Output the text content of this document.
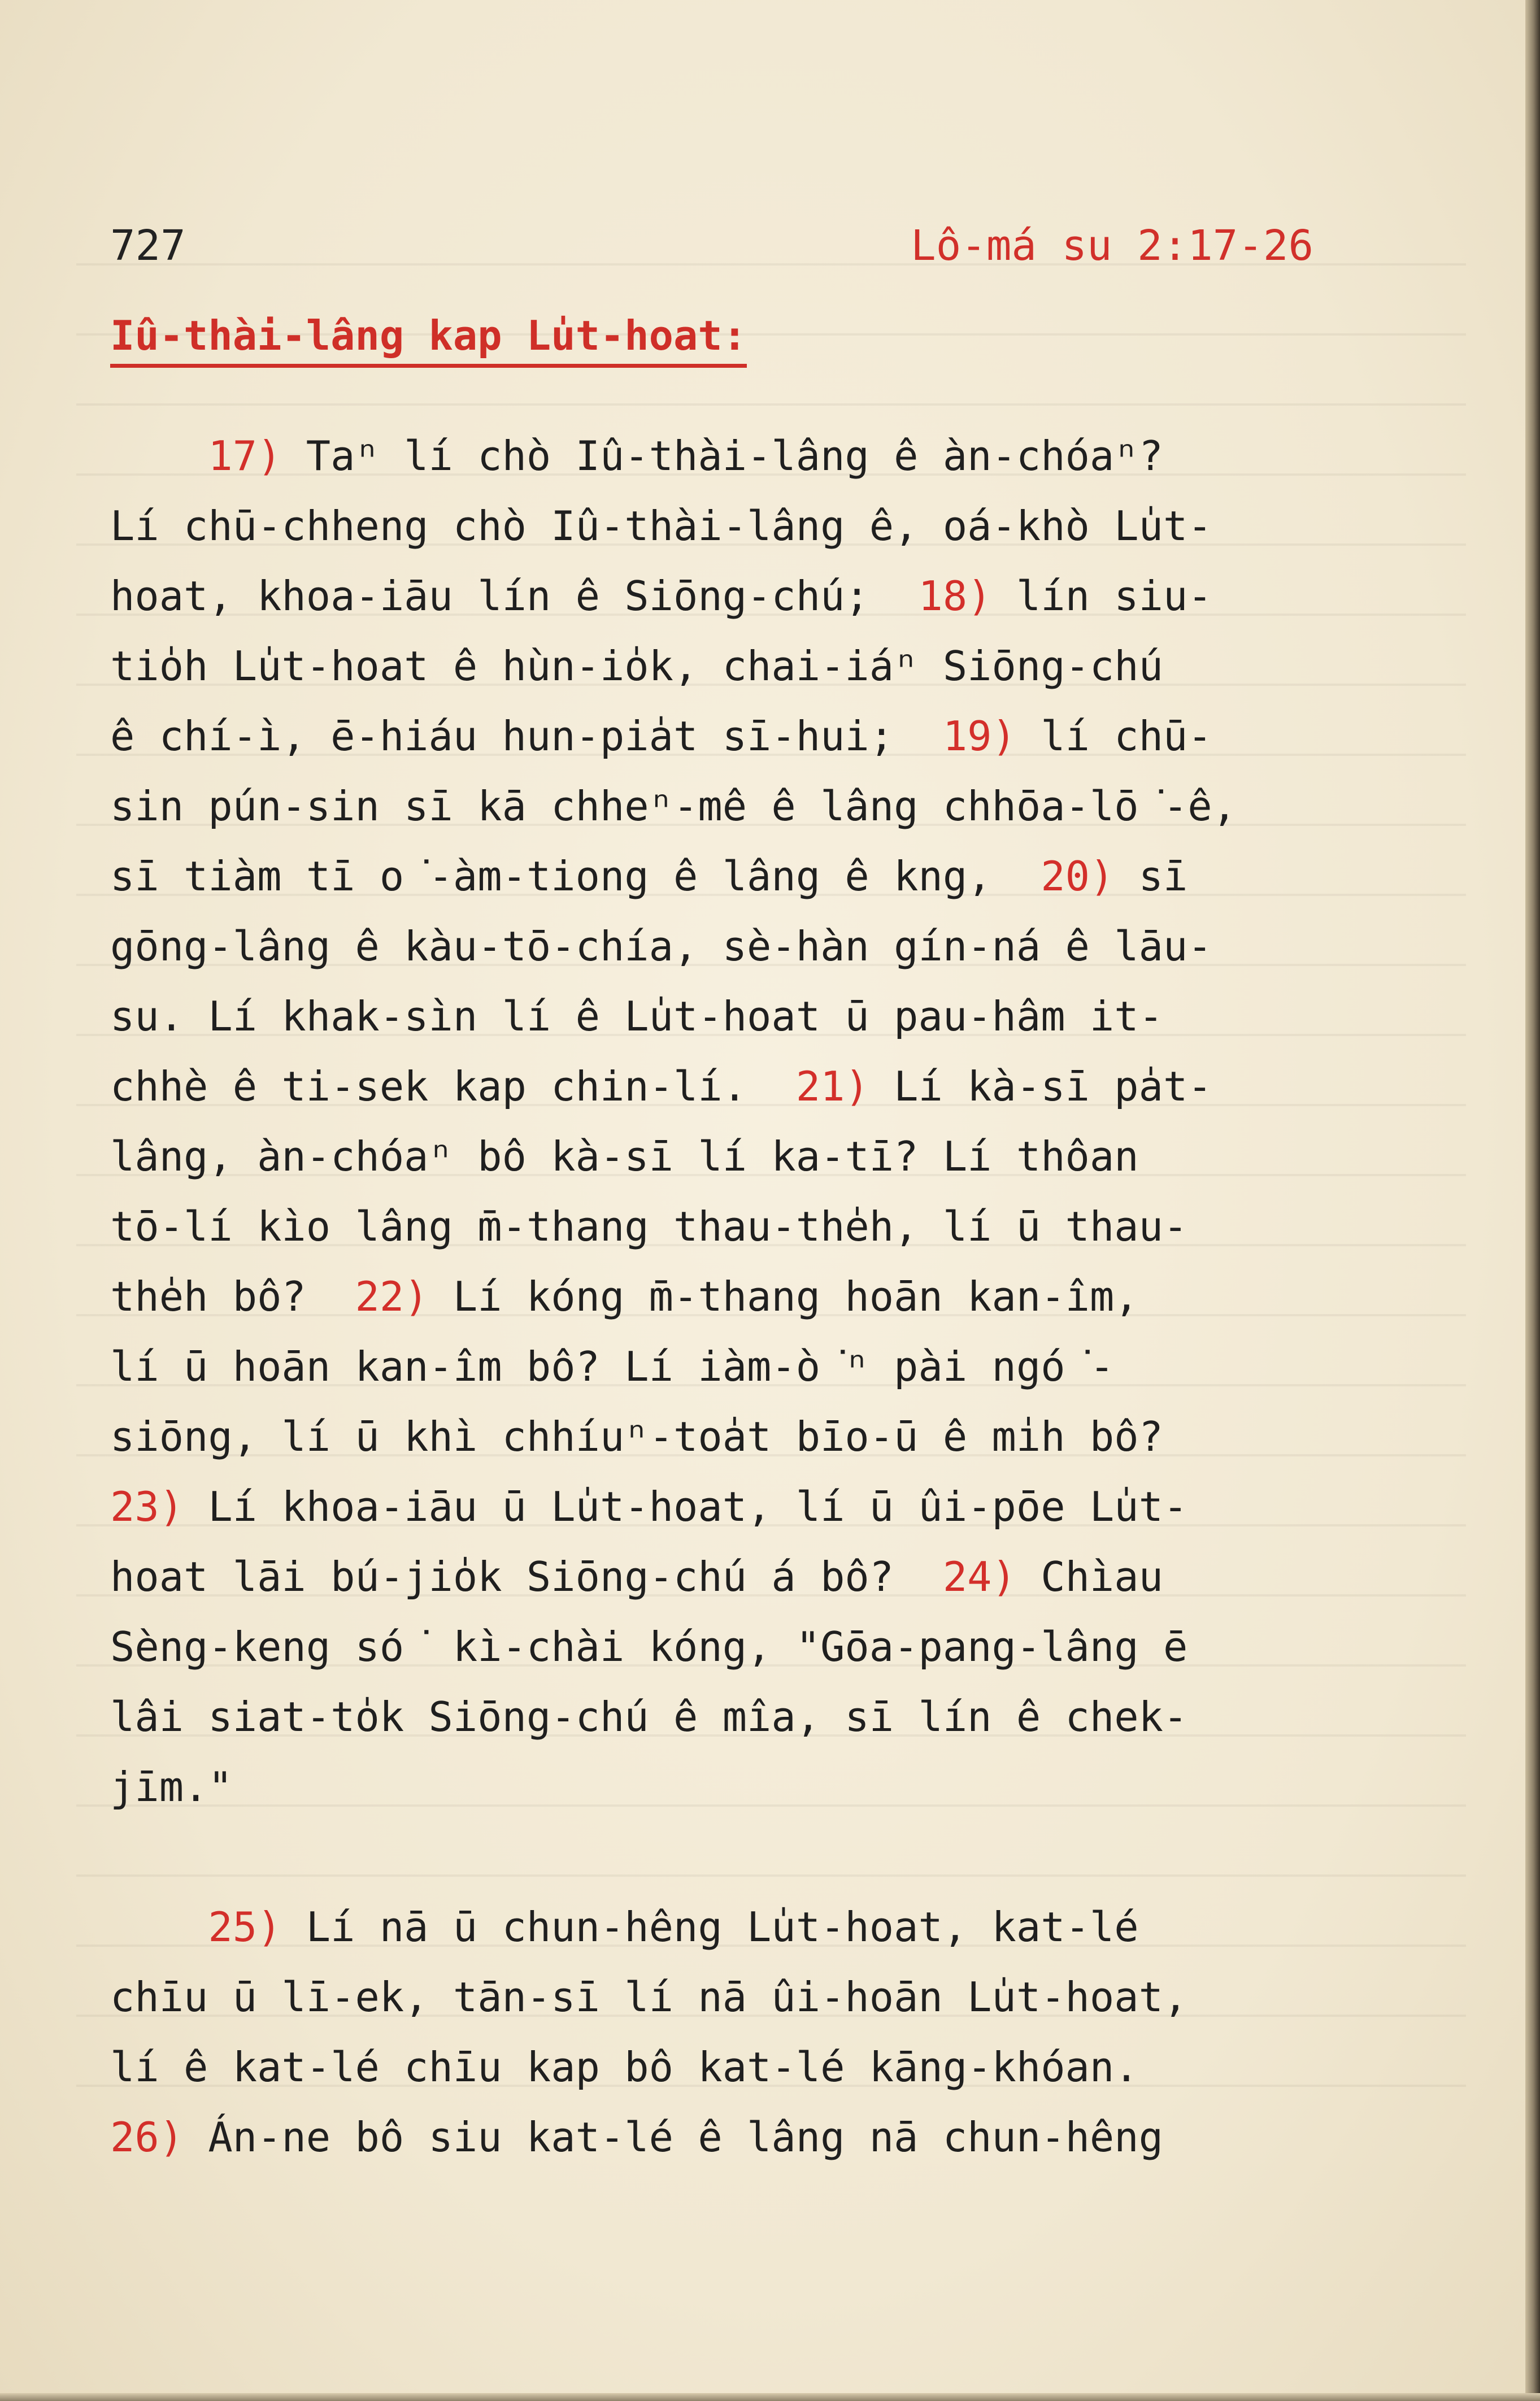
727	Lô-má su 2:17-26
Iû-thài-lâng kap Lu̍t-hoat:
17) Taⁿ lí chò Iû-thài-lâng ê àn-chóaⁿ?
Lí chū-chheng chò Iû-thài-lâng ê, oá-khò Lu̍t-
hoat, khoa-iāu lín ê Siōng-chú;  18) lín siu-
tio̍h Lu̍t-hoat ê hùn-io̍k, chai-iáⁿ Siōng-chú
ê chí-ì, ē-hiáu hun-pia̍t sī-hui;  19) lí chū-
sin pún-sin sī kā chheⁿ-mê ê lâng chhōa-lō͘-ê,
sī tiàm tī o͘-àm-tiong ê lâng ê kng,  20) sī
gōng-lâng ê kàu-tō-chía, sè-hàn gín-ná ê lāu-
su. Lí khak-sìn lí ê Lu̍t-hoat ū pau-hâm it-
chhè ê ti-sek kap chin-lí.  21) Lí kà-sī pa̍t-
lâng, àn-chóaⁿ bô kà-sī lí ka-tī? Lí thôan
tō-lí kìo lâng m̄-thang thau-the̍h, lí ū thau-
the̍h bô?  22) Lí kóng m̄-thang hoān kan-îm,
lí ū hoān kan-îm bô? Lí iàm-ò͘ⁿ pài ngó͘-
siōng, lí ū khì chhíuⁿ-toa̍t bīo-ū ê mi̍h bô?
23) Lí khoa-iāu ū Lu̍t-hoat, lí ū ûi-pōe Lu̍t-
hoat lāi bú-jio̍k Siōng-chú á bô?  24) Chìau
Sèng-keng só͘ kì-chài kóng, "Gōa-pang-lâng ē
lâi siat-to̍k Siōng-chú ê mîa, sī lín ê chek-
jīm."
25) Lí nā ū chun-hêng Lu̍t-hoat, kat-lé
chīu ū lī-ek, tān-sī lí nā ûi-hoān Lu̍t-hoat,
lí ê kat-lé chīu kap bô kat-lé kāng-khóan.
26) Án-ne bô siu kat-lé ê lâng nā chun-hêng
